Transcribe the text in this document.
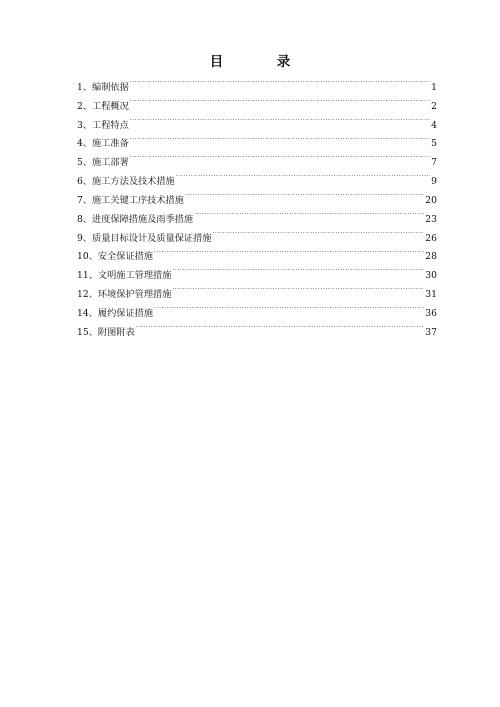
目　录
1、编制依据 .....	1
2、工程概况 .....	2
3、工程特点 .....	4
4、施工准备 .....	5
5、施工部署 .....	7
6、施工方法及技术措施 .....	9
7、施工关键工序技术措施 .....	20
8、进度保障措施及雨季措施 .....	23
9、质量目标设计及质量保证措施 .....	26
10、安全保证措施 .....	28
11、文明施工管理措施 .....	30
12、环境保护管理措施 .....	31
14、履约保证措施 .....	36
15、附图附表 .....	37
